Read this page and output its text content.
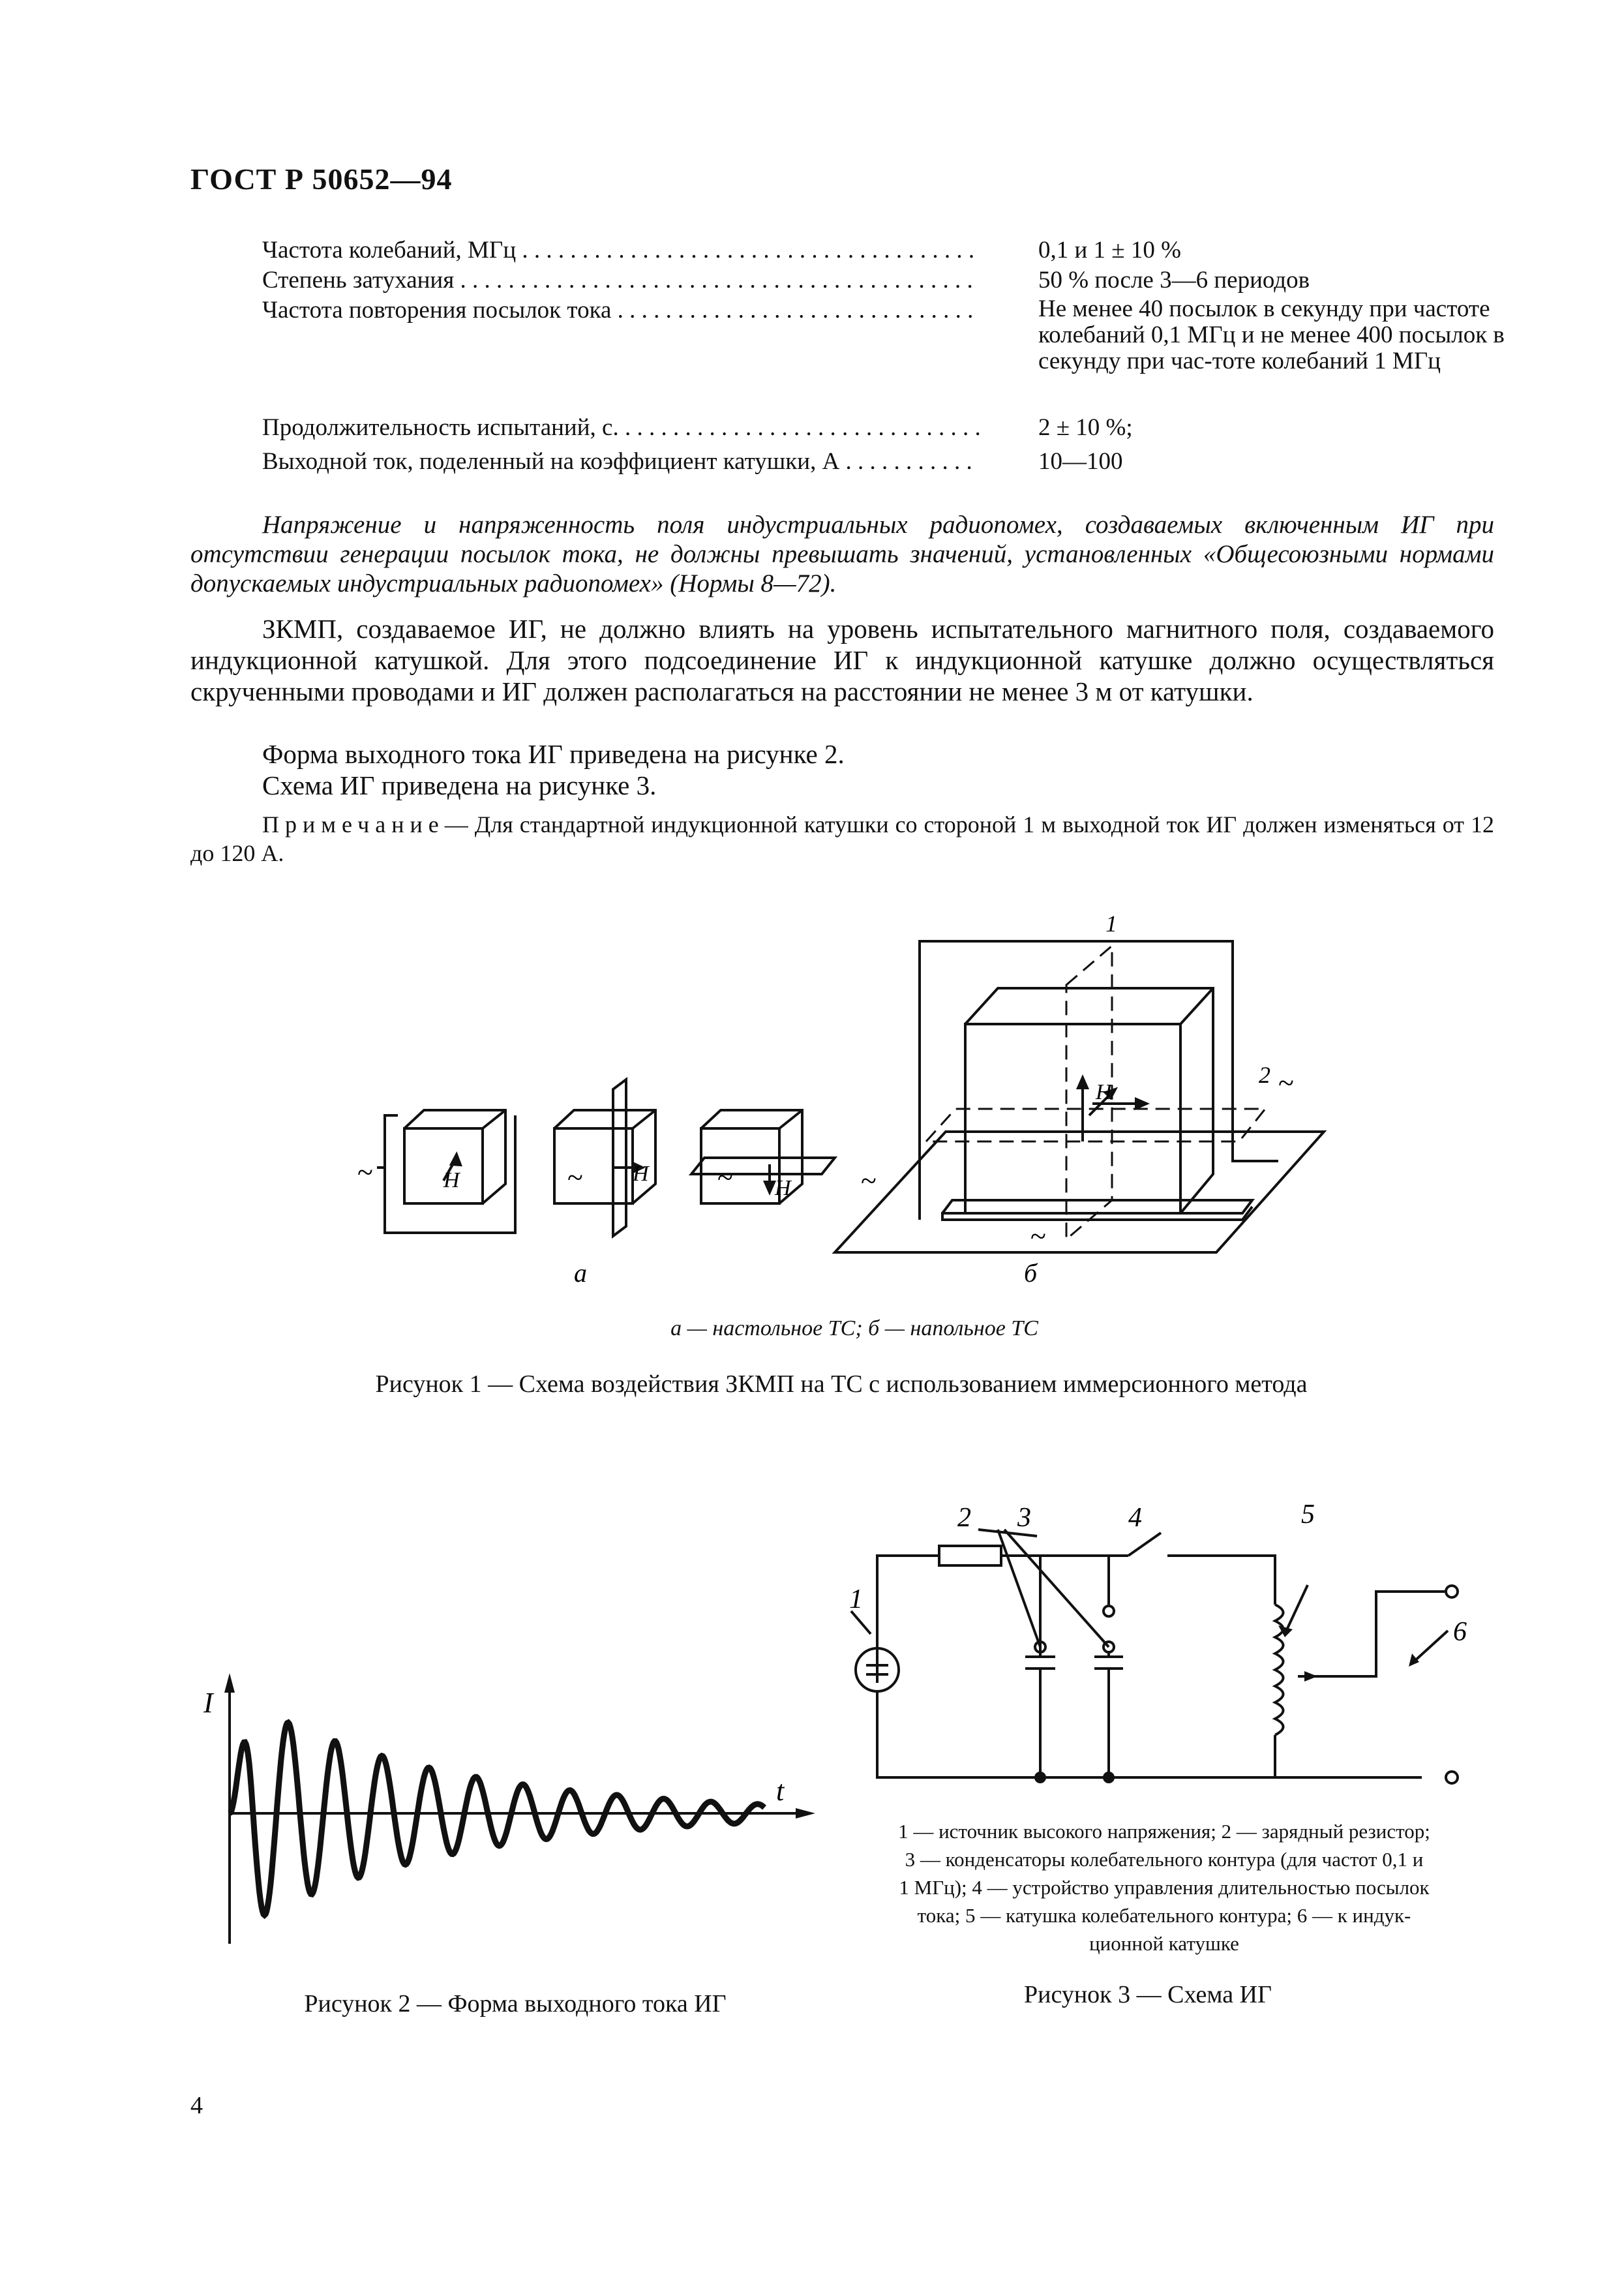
ГОСТ Р 50652—94
Частота колебаний, МГц . . .	0,1 и 1 ± 10 %
Степень затухания . . .	50 % после 3—6 периодов
Частота повторения посылок тока . . .	Не менее 40 посылок в секунду при частоте колебаний 0,1 МГц и не менее 400 посылок в секунду при час-тоте колебаний 1 МГц
Продолжительность испытаний, с. . . .	2 ± 10 %;
Выходной ток, поделенный на коэффициент катушки, А . . .	10—100
Напряжение и напряженность поля индустриальных радиопомех, создаваемых включенным ИГ при отсутствии генерации посылок тока, не должны превышать значений, установленных «Общесоюзными нормами допускаемых индустриальных радиопомех» (Нормы 8—72).
ЗКМП, создаваемое ИГ, не должно влиять на уровень испытательного магнитного поля, создаваемого индукционной катушкой. Для этого подсоединение ИГ к индукционной катушке должно осуществляться скрученными проводами и ИГ должен располагаться на расстоянии не менее 3 м от катушки.
Форма выходного тока ИГ приведена на рисунке 2.
Схема ИГ приведена на рисунке 3.
Примечание— Для стандартной индукционной катушки со стороной 1 м выходной ток ИГ должен изменяться от 12 до 120 А.
H	H
H
H
~	~	~	~
~
~
1
2
а	б
а — настольное ТС; б — напольное ТС
Рисунок 1 — Схема воздействия ЗКМП на ТС с использованием иммерсионного метода
I
t
Рисунок 2 — Форма выходного тока ИГ
1
2 3	4	5
6
1 — источник высокого напряжения; 2 — зарядный резистор;
3 — конденсаторы колебательного контура (для частот 0,1 и
1 МГц); 4 — устройство управления длительностью посылок
тока; 5 — катушка колебательного контура; 6 — к индук-
ционной катушке
Рисунок 3 — Схема ИГ
4
